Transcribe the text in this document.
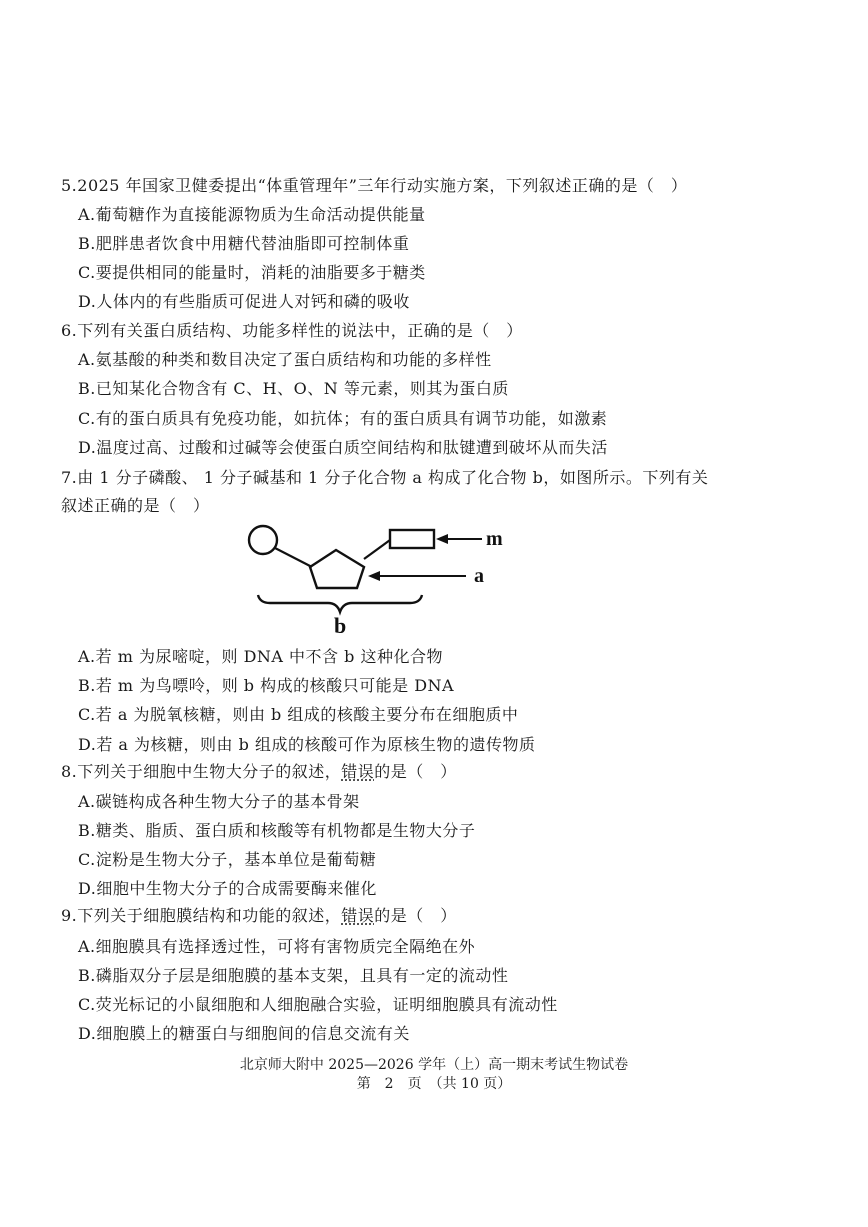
5.2025 年国家卫健委提出“体重管理年”三年行动实施方案，下列叙述正确的是（　）
A.葡萄糖作为直接能源物质为生命活动提供能量
B.肥胖患者饮食中用糖代替油脂即可控制体重
C.要提供相同的能量时，消耗的油脂要多于糖类
D.人体内的有些脂质可促进人对钙和磷的吸收
6.下列有关蛋白质结构、功能多样性的说法中，正确的是（　）
A.氨基酸的种类和数目决定了蛋白质结构和功能的多样性
B.已知某化合物含有 C、H、O、N 等元素，则其为蛋白质
C.有的蛋白质具有免疫功能，如抗体；有的蛋白质具有调节功能，如激素
D.温度过高、过酸和过碱等会使蛋白质空间结构和肽键遭到破坏从而失活
7.由 1 分子磷酸、 1 分子碱基和 1 分子化合物 a 构成了化合物 b，如图所示。下列有关
叙述正确的是（　）
m
a
b
A.若 m 为尿嘧啶，则 DNA 中不含 b 这种化合物
B.若 m 为鸟嘌呤，则 b 构成的核酸只可能是 DNA
C.若 a 为脱氧核糖，则由 b 组成的核酸主要分布在细胞质中
D.若 a 为核糖，则由 b 组成的核酸可作为原核生物的遗传物质
8.下列关于细胞中生物大分子的叙述，错误的是（　）
A.碳链构成各种生物大分子的基本骨架
B.糖类、脂质、蛋白质和核酸等有机物都是生物大分子
C.淀粉是生物大分子，基本单位是葡萄糖
D.细胞中生物大分子的合成需要酶来催化
9.下列关于细胞膜结构和功能的叙述，错误的是（　）
A.细胞膜具有选择透过性，可将有害物质完全隔绝在外
B.磷脂双分子层是细胞膜的基本支架，且具有一定的流动性
C.荧光标记的小鼠细胞和人细胞融合实验，证明细胞膜具有流动性
D.细胞膜上的糖蛋白与细胞间的信息交流有关
北京师大附中 2025—2026 学年（上）高一期末考试生物试卷
第　2　页　（共 10 页）
